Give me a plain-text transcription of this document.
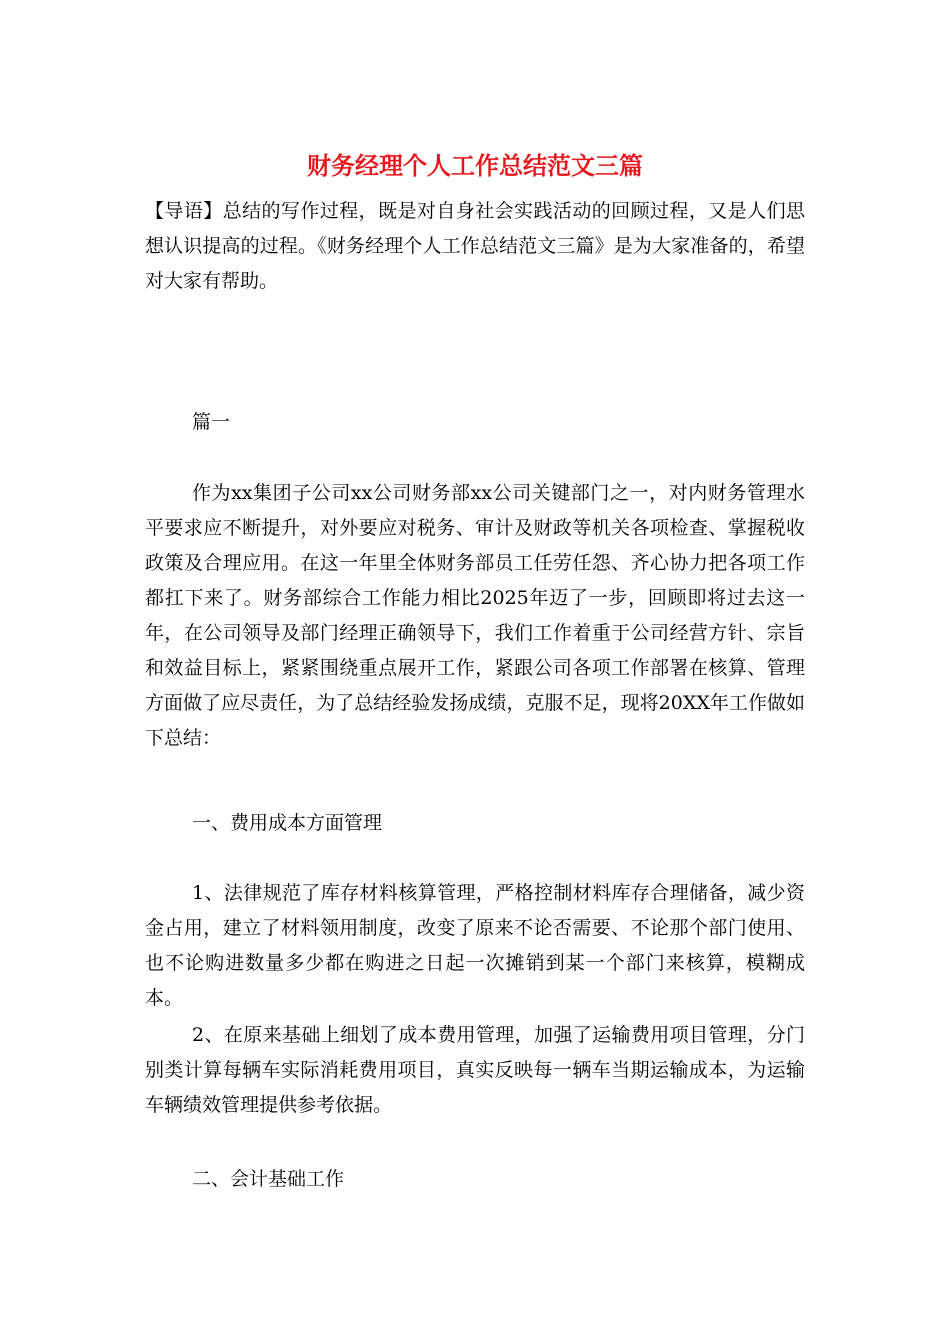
财务经理个人工作总结范文三篇
【导语】总结的写作过程，既是对自身社会实践活动的回顾过程，又是人们思想认识提高的过程。《财务经理个人工作总结范文三篇》是为大家准备的，希望对大家有帮助。
篇一
作为xx集团子公司xx公司财务部xx公司关键部门之一，对内财务管理水平要求应不断提升，对外要应对税务、审计及财政等机关各项检查、掌握税收政策及合理应用。在这一年里全体财务部员工任劳任怨、齐心协力把各项工作都扛下来了。财务部综合工作能力相比2025年迈了一步，回顾即将过去这一年，在公司领导及部门经理正确领导下，我们工作着重于公司经营方针、宗旨和效益目标上，紧紧围绕重点展开工作，紧跟公司各项工作部署在核算、管理方面做了应尽责任，为了总结经验发扬成绩，克服不足，现将20XX年工作做如下总结：
一、费用成本方面管理
1、法律规范了库存材料核算管理，严格控制材料库存合理储备，减少资金占用，建立了材料领用制度，改变了原来不论否需要、不论那个部门使用、也不论购进数量多少都在购进之日起一次摊销到某一个部门来核算，模糊成本。
2、在原来基础上细划了成本费用管理，加强了运输费用项目管理，分门别类计算每辆车实际消耗费用项目，真实反映每一辆车当期运输成本，为运输车辆绩效管理提供参考依据。
二、会计基础工作
